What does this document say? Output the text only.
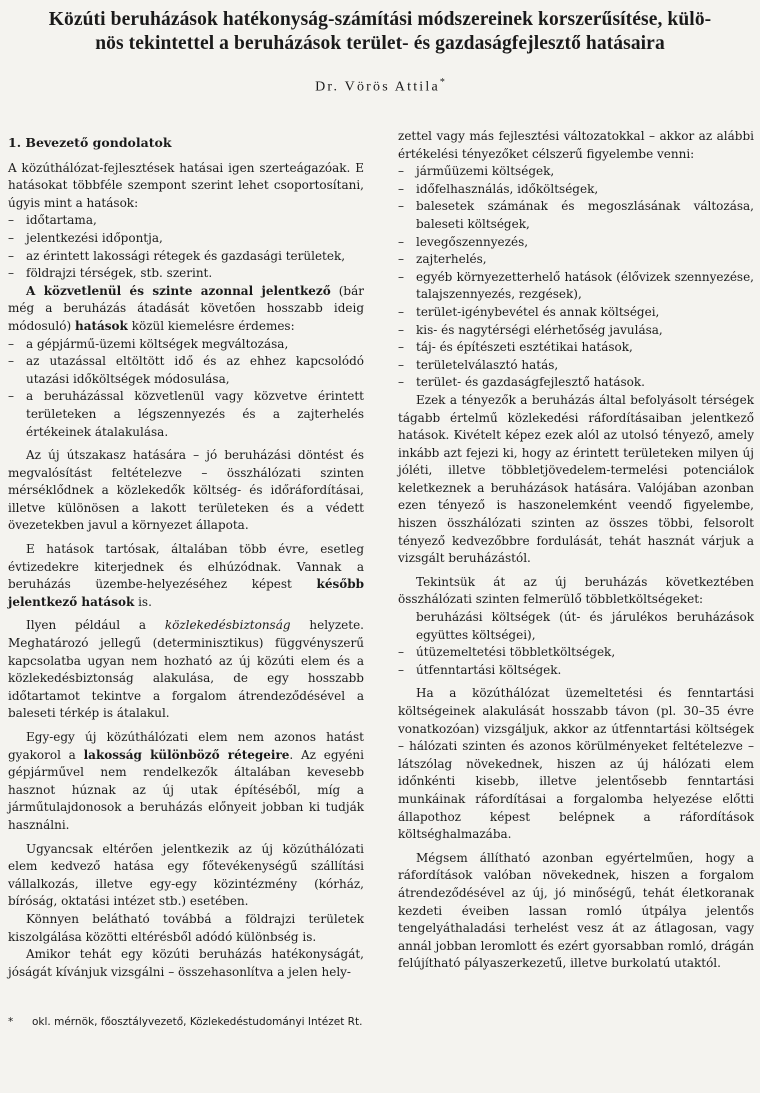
Közúti beruházások hatékonyság-számítási módszereinek korszerűsítése, külö-
nös tekintettel a beruházások terület- és gazdaságfejlesztő hatásaira
Dr. Vörös Attila*
1. Bevezető gondolatok

A közúthálózat-fejlesztések hatásai igen szerteágazóak. E hatásokat többféle szempont szerint lehet csoportosítani, úgyis mint a hatások:

– időtartama,
– jelentkezési időpontja,
– az érintett lakossági rétegek és gazdasági területek,
– földrajzi térségek, stb. szerint.

A közvetlenül és szinte azonnal jelentkező (bár még a beruházás átadását követően hosszabb ideig módosuló) hatások közül kiemelésre érdemes:

– a gépjármű-üzemi költségek megváltozása,
– az utazással eltöltött idő és az ehhez kapcsolódó utazási időköltségek módosulása,
– a beruházással közvetlenül vagy közvetve érintett területeken a légszennyezés és a zajterhelés értékeinek átalakulása.

Az új útszakasz hatására – jó beruházási döntést és megvalósítást feltételezve – összhálózati szinten mérséklődnek a közlekedők költség- és időráfordításai, illetve különösen a lakott területeken és a védett övezetekben javul a környezet állapota.

E hatások tartósak, általában több évre, esetleg évtizedekre kiterjednek és elhúzódnak. Vannak a beruházás üzembe-helyezéséhez képest később jelentkező hatások is.

Ilyen például a közlekedésbiztonság helyzete. Meghatározó jellegű (determinisztikus) függvényszerű kapcsolatba ugyan nem hozható az új közúti elem és a közlekedésbiztonság alakulása, de egy hosszabb időtartamot tekintve a forgalom átrendeződésével a baleseti térkép is átalakul.

Egy-egy új közúthálózati elem nem azonos hatást gyakorol a lakosság különböző rétegeire. Az egyéni gépjárművel nem rendelkezők általában kevesebb hasznot húznak az új utak építéséből, míg a járműtulajdonosok a beruházás előnyeit jobban ki tudják használni.

Ugyancsak eltérően jelentkezik az új közúthálózati elem kedvező hatása egy főtevékenységű szállítási vállalkozás, illetve egy-egy közintézmény (kórház, bíróság, oktatási intézet stb.) esetében.

Könnyen belátható továbbá a földrajzi területek kiszolgálása közötti eltérésből adódó különbség is.

Amikor tehát egy közúti beruházás hatékonyságát, jóságát kívánjuk vizsgálni – összehasonlítva a jelen hely-

zettel vagy más fejlesztési változatokkal – akkor az alábbi értékelési tényezőket célszerű figyelembe venni:

– járműüzemi költségek,
– időfelhasználás, időköltségek,
– balesetek számának és megoszlásának változása, baleseti költségek,
– levegőszennyezés,
– zajterhelés,
– egyéb környezetterhelő hatások (élővizek szennyezése, talajszennyezés, rezgések),
– terület-igénybevétel és annak költségei,
– kis- és nagytérségi elérhetőség javulása,
– táj- és építészeti esztétikai hatások,
– területelválasztó hatás,
– terület- és gazdaságfejlesztő hatások.

Ezek a tényezők a beruházás által befolyásolt térségek tágabb értelmű közlekedési ráfordításaiban jelentkező hatások. Kivételt képez ezek alól az utolsó tényező, amely inkább azt fejezi ki, hogy az érintett területeken milyen új jóléti, illetve többletjövedelem-termelési potenciálok keletkeznek a beruházások hatására. Valójában azonban ezen tényező is haszonelemként veendő figyelembe, hiszen összhálózati szinten az összes többi, felsorolt tényező kedvezőbbre fordulását, tehát hasznát várjuk a vizsgált beruházástól.

Tekintsük át az új beruházás következtében összhálózati szinten felmerülő többletköltségeket:

beruházási költségek (út- és járulékos beruházások együttes költségei),
– útüzemeltetési többletköltségek,
– útfenntartási költségek.

Ha a közúthálózat üzemeltetési és fenntartási költségeinek alakulását hosszabb távon (pl. 30–35 évre vonatkozóan) vizsgáljuk, akkor az útfenntartási költségek – hálózati szinten és azonos körülményeket feltételezve – látszólag növekednek, hiszen az új hálózati elem időnkénti kisebb, illetve jelentősebb fenntartási munkáinak ráfordításai a forgalomba helyezése előtti állapothoz képest belépnek a ráfordítások költséghalmazába.

Mégsem állítható azonban egyértelműen, hogy a ráfordítások valóban növekednek, hiszen a forgalom átrendeződésével az új, jó minőségű, tehát életkoranak kezdeti éveiben lassan romló útpálya jelentős tengelyáthaladási terhelést vesz át az átlagosan, vagy annál jobban leromlott és ezért gyorsabban romló, drágán felújítható pályaszerkezetű, illetve burkolatú utaktól.

* okl. mérnök, főosztályvezető, Közlekedéstudományi Intézet Rt.
